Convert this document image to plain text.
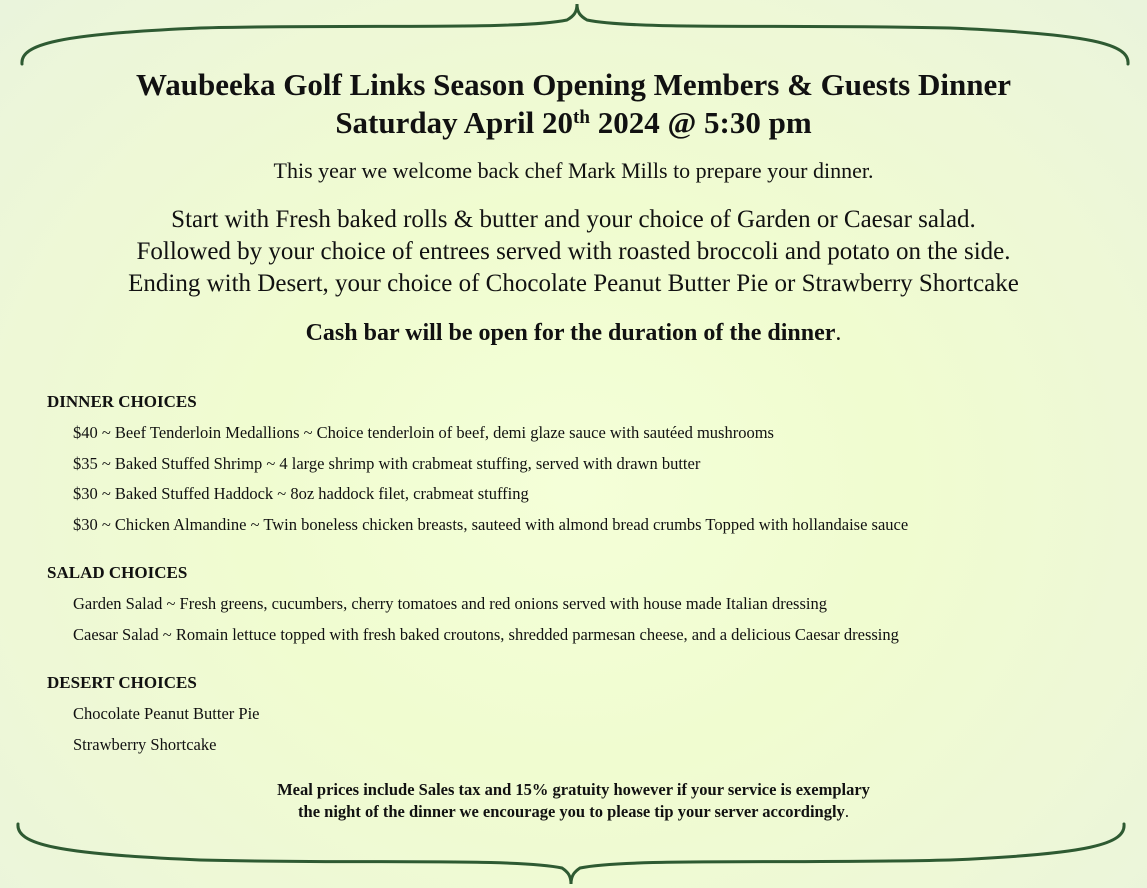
Waubeeka Golf Links Season Opening Members & Guests Dinner
Saturday April 20th 2024 @ 5:30 pm
This year we welcome back chef Mark Mills to prepare your dinner.
Start with Fresh baked rolls & butter and your choice of Garden or Caesar salad.
Followed by your choice of entrees served with roasted broccoli and potato on the side.
Ending with Desert, your choice of Chocolate Peanut Butter Pie or Strawberry Shortcake
Cash bar will be open for the duration of the dinner.
DINNER CHOICES
$40 ~ Beef Tenderloin Medallions ~ Choice tenderloin of beef, demi glaze sauce with sautéed mushrooms
$35 ~ Baked Stuffed Shrimp ~ 4 large shrimp with crabmeat stuffing, served with drawn butter
$30 ~ Baked Stuffed Haddock ~ 8oz haddock filet, crabmeat stuffing
$30 ~ Chicken Almandine ~ Twin boneless chicken breasts, sauteed with almond bread crumbs Topped with hollandaise sauce
SALAD CHOICES
Garden Salad ~ Fresh greens, cucumbers, cherry tomatoes and red onions served with house made Italian dressing
Caesar Salad ~ Romain lettuce topped with fresh baked croutons, shredded parmesan cheese, and a delicious Caesar dressing
DESERT CHOICES
Chocolate Peanut Butter Pie
Strawberry Shortcake
Meal prices include Sales tax and 15% gratuity however if your service is exemplary
the night of the dinner we encourage you to please tip your server accordingly.
